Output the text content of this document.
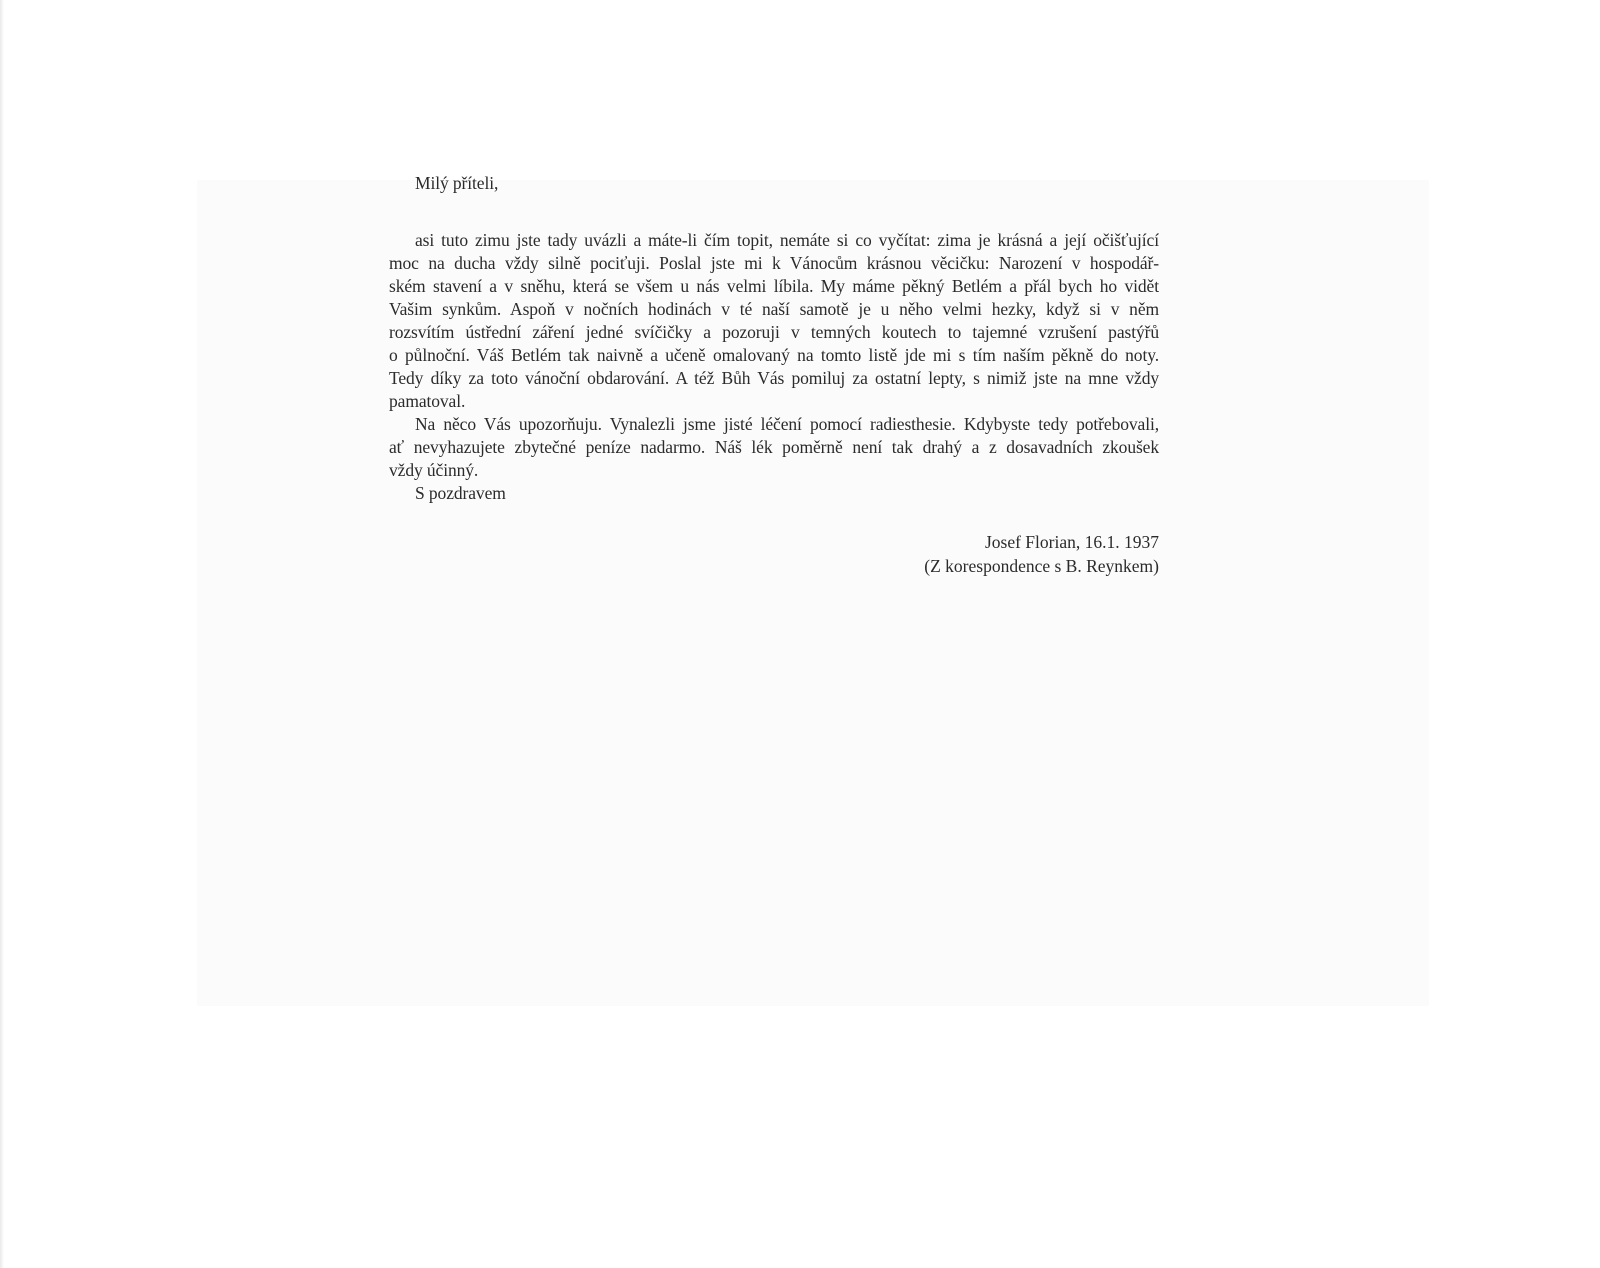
Milý příteli,
asi tuto zimu jste tady uvázli a máte-li čím topit, nemáte si co vyčítat: zima je krásná a její očišťující
moc na ducha vždy silně pociťuji. Poslal jste mi k Vánocům krásnou věcičku: Narození v hospodář-
ském stavení a v sněhu, která se všem u nás velmi líbila. My máme pěkný Betlém a přál bych ho vidět
Vašim synkům. Aspoň v nočních hodinách v té naší samotě je u něho velmi hezky, když si v něm
rozsvítím ústřední záření jedné svíčičky a pozoruji v temných koutech to tajemné vzrušení pastýřů
o půlnoční. Váš Betlém tak naivně a učeně omalovaný na tomto listě jde mi s tím naším pěkně do noty.
Tedy díky za toto vánoční obdarování. A též Bůh Vás pomiluj za ostatní lepty, s nimiž jste na mne vždy
pamatoval.
Na něco Vás upozorňuju. Vynalezli jsme jisté léčení pomocí radiesthesie. Kdybyste tedy potřebovali,
ať nevyhazujete zbytečné peníze nadarmo. Náš lék poměrně není tak drahý a z dosavadních zkoušek
vždy účinný.
S pozdravem
Josef Florian, 16.1. 1937
(Z korespondence s B. Reynkem)
